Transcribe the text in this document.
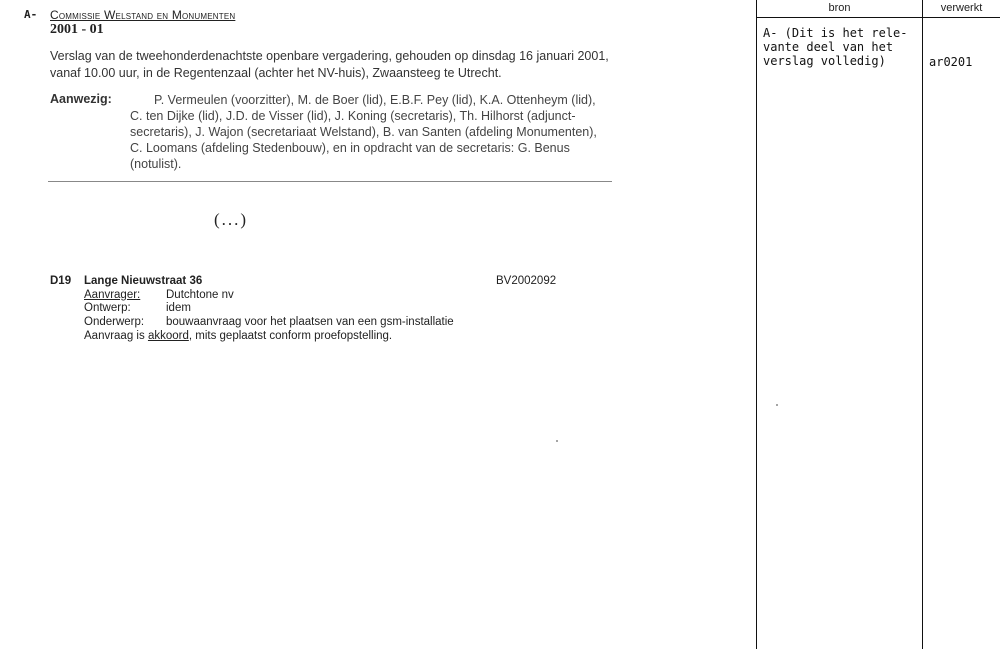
A- Commissie Welstand en Monumenten
2001 - 01
Verslag van de tweehonderdenachtste openbare vergadering, gehouden op dinsdag 16 januari 2001, vanaf 10.00 uur, in de Regentenzaal (achter het NV-huis), Zwaansteeg te Utrecht.
Aanwezig:	P. Vermeulen (voorzitter), M. de Boer (lid), E.B.F. Pey (lid), K.A. Ottenheym (lid), C. ten Dijke (lid), J.D. de Visser (lid), J. Koning (secretaris), Th. Hilhorst (adjunct-secretaris), J. Wajon (secretariaat Welstand), B. van Santen (afdeling Monumenten), C. Loomans (afdeling Stedenbouw), en in opdracht van de secretaris: G. Benus (notulist).
(...)
D19 Lange Nieuwstraat 36	BV2002092
Aanvrager: Dutchtone nv
Ontwerp:	idem
Onderwerp: bouwaanvraag voor het plaatsen van een gsm-installatie
Aanvraag is akkoord, mits geplaatst conform proefopstelling.
bron	verwerkt
A- (Dit is het rele-
vante deel van het
verslag volledig)	ar0201
